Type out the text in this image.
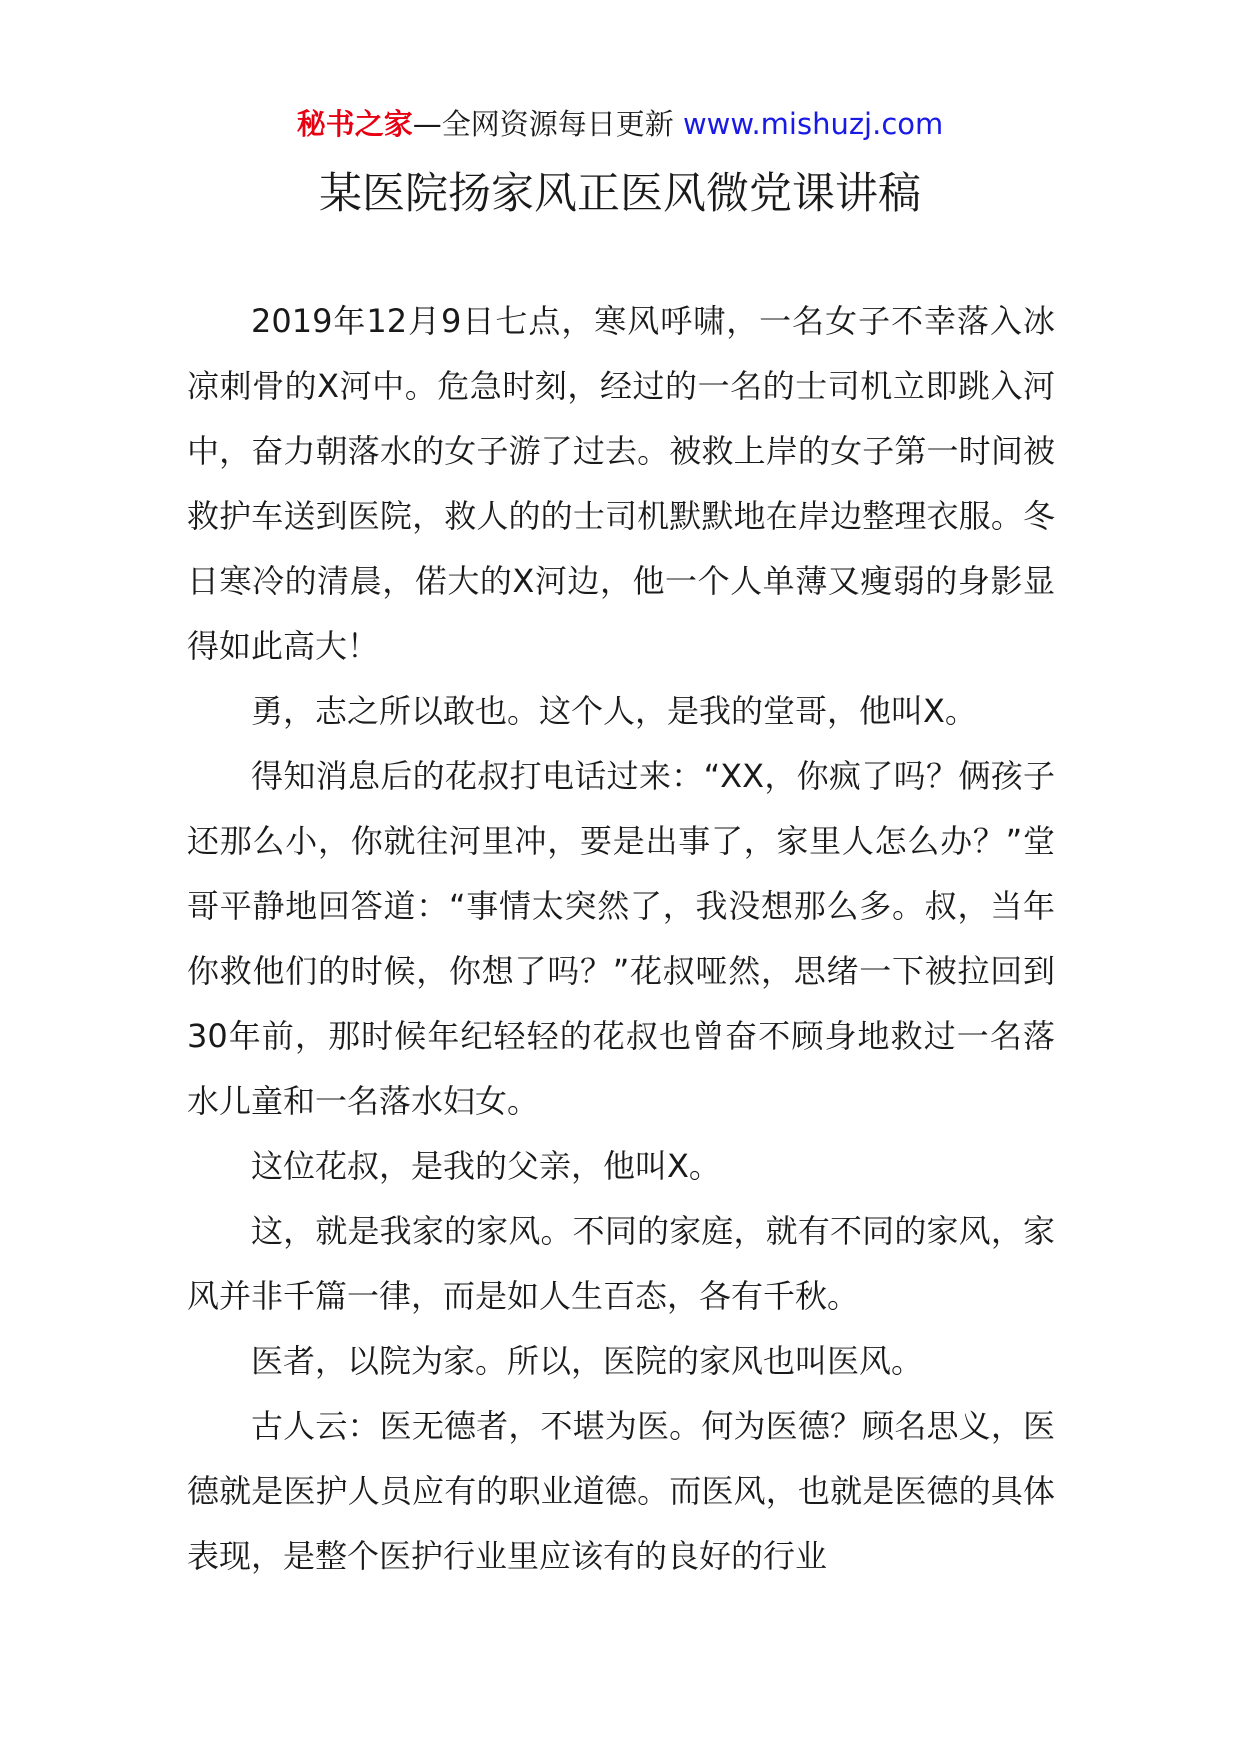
秘书之家—全网资源每日更新 www.mishuzj.com
某医院扬家风正医风微党课讲稿

2019年12月9日七点，寒风呼啸，一名女子不幸落入冰凉刺骨的X河中。危急时刻，经过的一名的士司机立即跳入河中，奋力朝落水的女子游了过去。被救上岸的女子第一时间被救护车送到医院，救人的的士司机默默地在岸边整理衣服。冬日寒冷的清晨，偌大的X河边，他一个人单薄又瘦弱的身影显得如此高大！

勇，志之所以敢也。这个人，是我的堂哥，他叫X。

得知消息后的花叔打电话过来：“XX，你疯了吗？俩孩子还那么小，你就往河里冲，要是出事了，家里人怎么办？”堂哥平静地回答道：“事情太突然了，我没想那么多。叔，当年你救他们的时候，你想了吗？”花叔哑然，思绪一下被拉回到30年前，那时候年纪轻轻的花叔也曾奋不顾身地救过一名落水儿童和一名落水妇女。

这位花叔，是我的父亲，他叫X。

这，就是我家的家风。不同的家庭，就有不同的家风，家风并非千篇一律，而是如人生百态，各有千秋。

医者，以院为家。所以，医院的家风也叫医风。

古人云：医无德者，不堪为医。何为医德？顾名思义，医德就是医护人员应有的职业道德。而医风，也就是医德的具体表现，是整个医护行业里应该有的良好的行业
